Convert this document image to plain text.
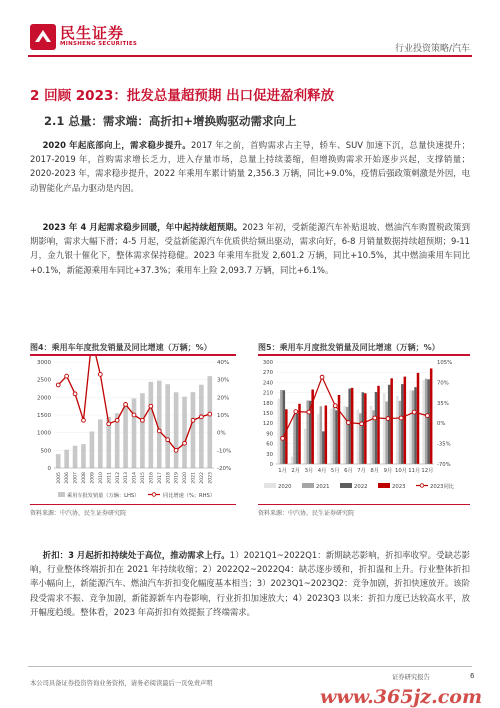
民生证券
MINSHENG SECURITIES	行业投资策略/汽车
2 回顾 2023：批发总量超预期 出口促进盈利释放
2.1 总量：需求端：高折扣+增换购驱动需求向上
2020 年起底部向上，需求稳步提升。2017 年之前，首购需求占主导，轿车、SUV 加速下沉，总量快速提升；2017-2019 年，首购需求增长乏力，进入存量市场，总量上持续萎缩，但增换购需求开始逐步兴起，支撑销量；2020-2023 年，需求稳步提升，2022 年乘用车累计销量 2,356.3 万辆，同比+9.0%，疫情后强政策刺激是外因，电动智能化产品力驱动是内因。
2023 年 4 月起需求稳步回暖，年中起持续超预期。2023 年初，受新能源汽车补贴退坡、燃油汽车购置税政策到期影响，需求大幅下滑；4-5 月起，受益新能源汽车优质供给频出驱动，需求向好，6-8 月销量数据持续超预期；9-11 月，金九银十催化下，整体需求保持稳健。2023 年乘用车批发 2,601.2 万辆，同比+10.5%，其中燃油乘用车同比+0.1%，新能源乘用车同比+37.3%；乘用车上险 2,093.7 万辆，同比+6.1%。
图4：乘用车年度批发销量及同比增速（万辆；%）
0
500
1000
1500
2000
2500
3000
-20%
-10%
0%
10%
20%
30%
40%
2005 2006 2007 2008 2009 2010 2011 2012 2013 2014 2015 2016 2017 2018 2019 2020 2021 2022 2023
乘用车批发销量（万辆：LHS）	同比增速（%；RHS）
资料来源：中汽协，民生证券研究院
图5：乘用车月度批发销量及同比增速（万辆；%）
0
30
60
90
120
150
180
210
240
270
300
-70%
-35%
0%
35%
70%
105%
1月 2月 3月 4月 5月 6月 7月 8月 9月 10月 11月 12月
2020	2021	2022	2023	2023同比
资料来源：中汽协，民生证券研究院
折扣：3 月起折扣持续处于高位，推动需求上行。1）2021Q1~2022Q1：新期缺芯影响，折扣率收窄。受缺芯影响，行业整体终端折扣在 2021 年持续收缩；2）2022Q2~2022Q4：缺芯逐步缓和，折扣温和上升。行业整体折扣率小幅向上，新能源汽车、燃油汽车折扣变化幅度基本相当；3）2023Q1~2023Q2：竞争加剧，折扣快速放开。该阶段受需求不振、竞争加剧，新能源新车内卷影响，行业折扣加速放大；4）2023Q3 以来：折扣力度已达较高水平，放开幅度趋缓。整体看，2023 年高折扣有效提振了终端需求。
本公司具备证券投资咨询业务资格，请务必阅读最后一页免责声明
证券研究报告	6
www.365jz.com
